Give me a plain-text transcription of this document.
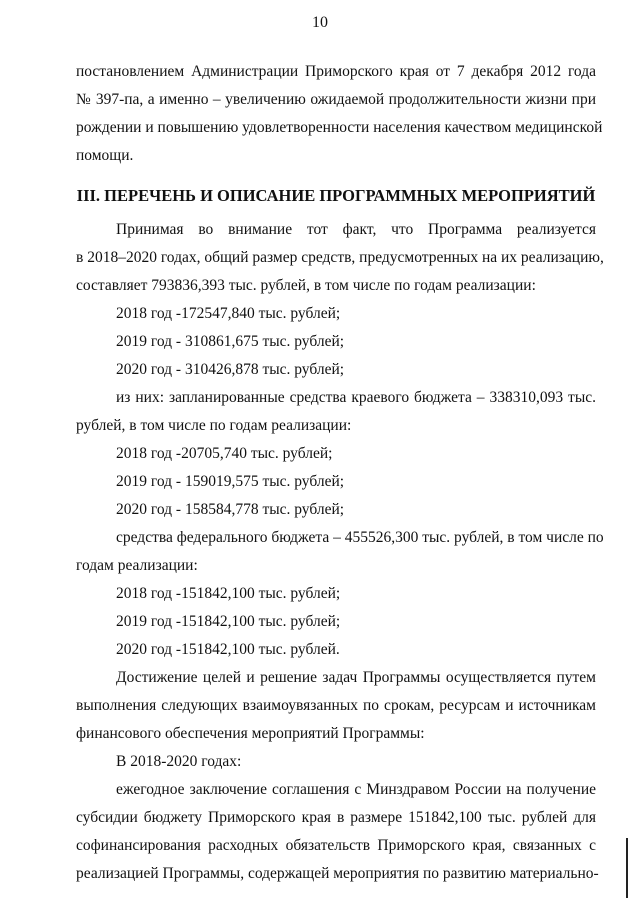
10
постановлением Администрации Приморского края от 7 декабря 2012 года
№ 397-па, а именно – увеличению ожидаемой продолжительности жизни при
рождении и повышению удовлетворенности населения качеством медицинской
помощи.
III. ПЕРЕЧЕНЬ И ОПИСАНИЕ ПРОГРАММНЫХ МЕРОПРИЯТИЙ
Принимая во внимание тот факт, что Программа реализуется
в 2018–2020 годах, общий размер средств, предусмотренных на их реализацию,
составляет 793836,393 тыс. рублей, в том числе по годам реализации:
2018 год -172547,840 тыс. рублей;
2019 год - 310861,675 тыс. рублей;
2020 год - 310426,878 тыс. рублей;
из них: запланированные средства краевого бюджета – 338310,093 тыс.
рублей, в том числе по годам реализации:
2018 год -20705,740 тыс. рублей;
2019 год - 159019,575 тыс. рублей;
2020 год - 158584,778 тыс. рублей;
средства федерального бюджета – 455526,300 тыс. рублей, в том числе по
годам реализации:
2018 год -151842,100 тыс. рублей;
2019 год -151842,100 тыс. рублей;
2020 год -151842,100 тыс. рублей.
Достижение целей и решение задач Программы осуществляется путем
выполнения следующих взаимоувязанных по срокам, ресурсам и источникам
финансового обеспечения мероприятий Программы:
В 2018-2020 годах:
ежегодное заключение соглашения с Минздравом России на получение
субсидии бюджету Приморского края в размере 151842,100 тыс. рублей для
софинансирования расходных обязательств Приморского края, связанных с
реализацией Программы, содержащей мероприятия по развитию материально-
